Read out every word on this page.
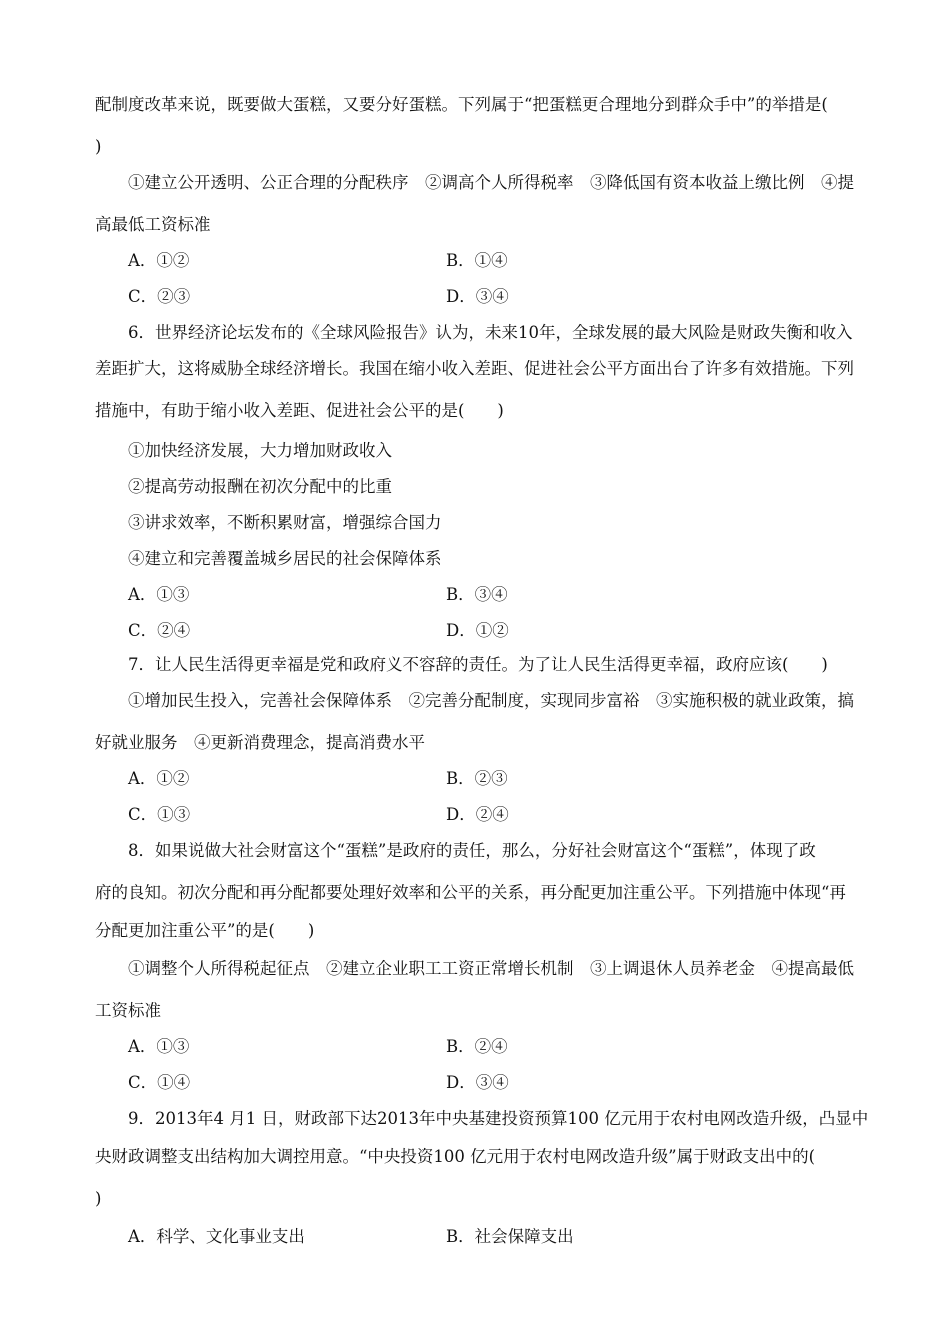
配制度改革来说，既要做大蛋糕，又要分好蛋糕。下列属于“把蛋糕更合理地分到群众手中”的举措是(
)
①建立公开透明、公正合理的分配秩序　②调高个人所得税率　③降低国有资本收益上缴比例　④提
高最低工资标准
A．①②	B．①④
C．②③	D．③④
6．世界经济论坛发布的《全球风险报告》认为，未来10年，全球发展的最大风险是财政失衡和收入
差距扩大，这将威胁全球经济增长。我国在缩小收入差距、促进社会公平方面出台了许多有效措施。下列
措施中，有助于缩小收入差距、促进社会公平的是(　　)
①加快经济发展，大力增加财政收入
②提高劳动报酬在初次分配中的比重
③讲求效率，不断积累财富，增强综合国力
④建立和完善覆盖城乡居民的社会保障体系
A．①③	B．③④
C．②④	D．①②
7．让人民生活得更幸福是党和政府义不容辞的责任。为了让人民生活得更幸福，政府应该(　　)
①增加民生投入，完善社会保障体系　②完善分配制度，实现同步富裕　③实施积极的就业政策，搞
好就业服务　④更新消费理念，提高消费水平
A．①②	B．②③
C．①③	D．②④
8．如果说做大社会财富这个“蛋糕”是政府的责任，那么，分好社会财富这个“蛋糕”，体现了政
府的良知。初次分配和再分配都要处理好效率和公平的关系，再分配更加注重公平。下列措施中体现“再
分配更加注重公平”的是(　　)
①调整个人所得税起征点　②建立企业职工工资正常增长机制　③上调退休人员养老金　④提高最低
工资标准
A．①③	B．②④
C．①④	D．③④
9．2013年4 月1 日，财政部下达2013年中央基建投资预算100 亿元用于农村电网改造升级，凸显中
央财政调整支出结构加大调控用意。“中央投资100 亿元用于农村电网改造升级”属于财政支出中的(
)
A．科学、文化事业支出	B．社会保障支出
